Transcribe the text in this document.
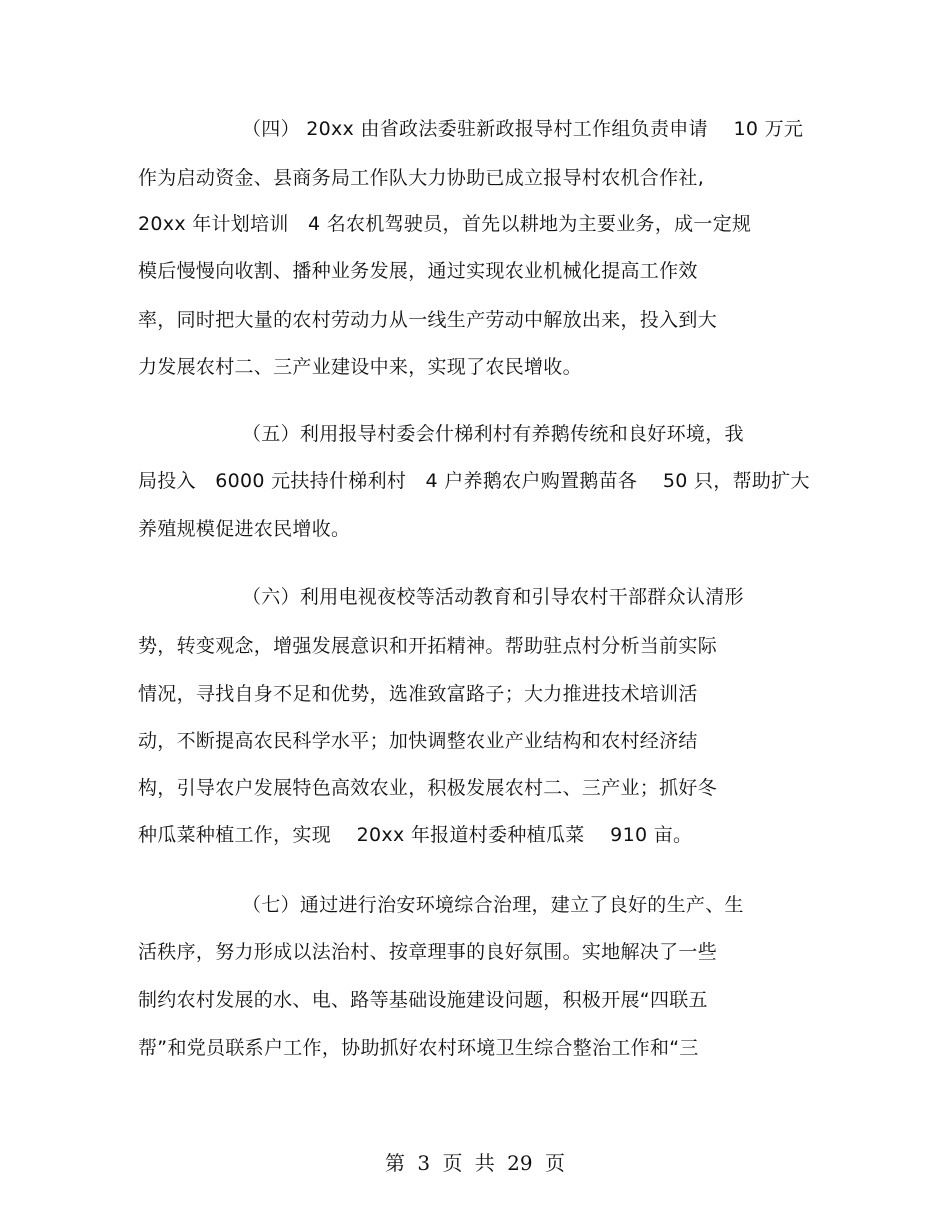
（四） 20xx 由省政法委驻新政报导村工作组负责申请　 10 万元
作为启动资金、县商务局工作队大力协助已成立报导村农机合作社,
20xx 年计划培训　4 名农机驾驶员，首先以耕地为主要业务，成一定规
模后慢慢向收割、播种业务发展，通过实现农业机械化提高工作效
率，同时把大量的农村劳动力从一线生产劳动中解放出来，投入到大
力发展农村二、三产业建设中来，实现了农民增收。
（五）利用报导村委会什梯利村有养鹅传统和良好环境，我
局投入　6000 元扶持什梯利村　4 户养鹅农户购置鹅苗各　 50 只，帮助扩大
养殖规模促进农民增收。
（六）利用电视夜校等活动教育和引导农村干部群众认清形
势，转变观念，增强发展意识和开拓精神。帮助驻点村分析当前实际
情况，寻找自身不足和优势，选准致富路子；大力推进技术培训活
动，不断提高农民科学水平；加快调整农业产业结构和农村经济结
构，引导农户发展特色高效农业，积极发展农村二、三产业；抓好冬
种瓜菜种植工作，实现　 20xx 年报道村委种植瓜菜　 910 亩。
（七）通过进行治安环境综合治理，建立了良好的生产、生
活秩序，努力形成以法治村、按章理事的良好氛围。实地解决了一些
制约农村发展的水、电、路等基础设施建设问题，积极开展“四联五
帮”和党员联系户工作，协助抓好农村环境卫生综合整治工作和“三
第 3 页 共 29 页
